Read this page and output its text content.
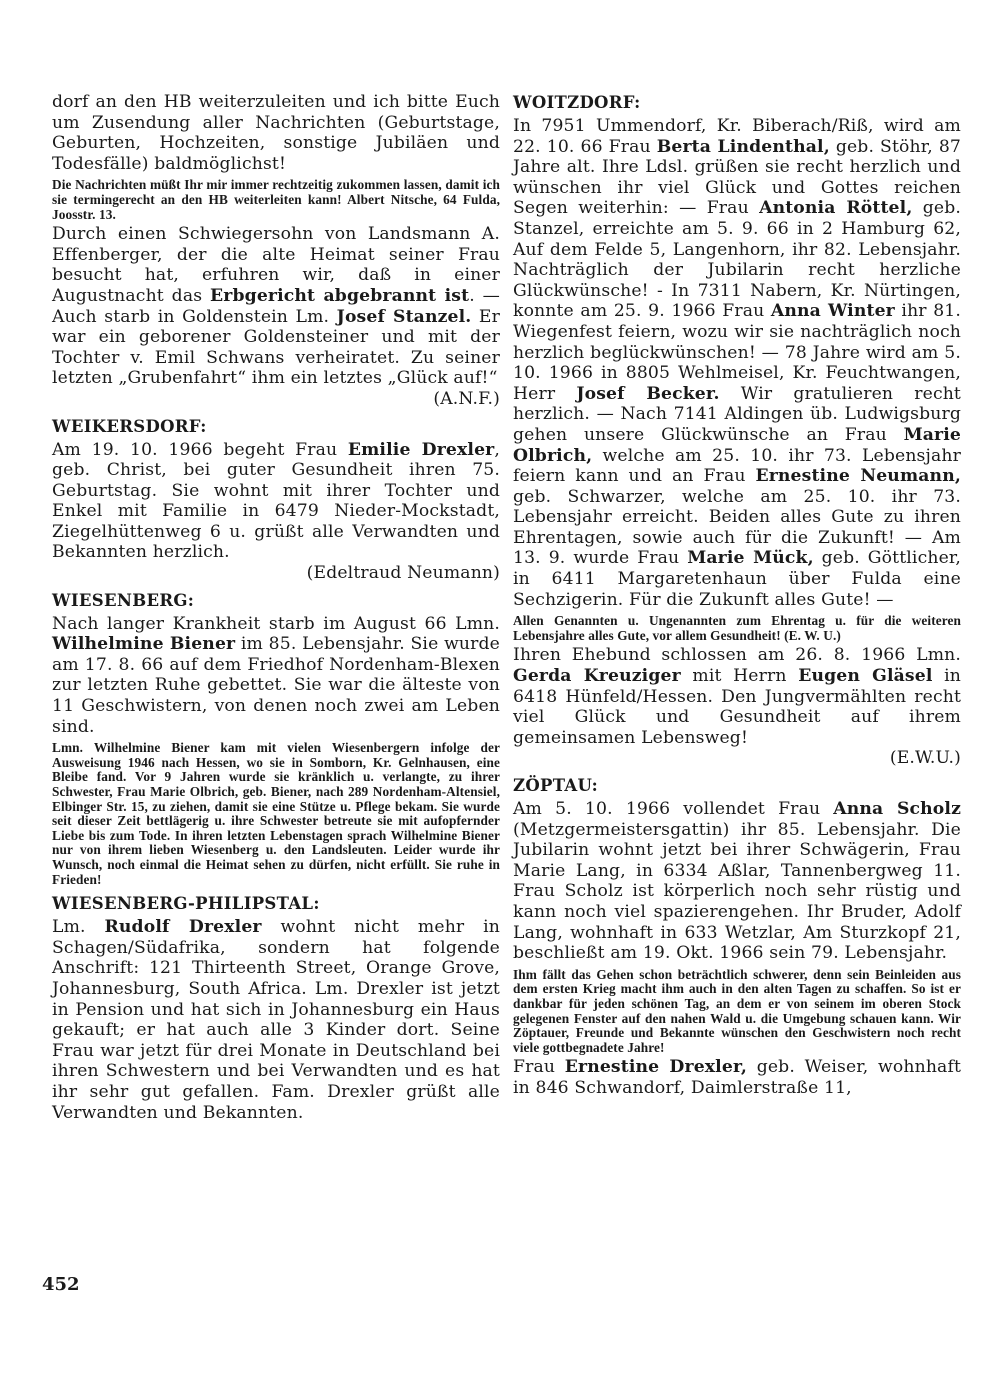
dorf an den HB weiterzuleiten und ich bitte Euch um Zusendung aller Nachrichten (Geburtstage, Geburten, Hochzeiten, sonstige Jubiläen und Todesfälle) baldmöglichst!

Die Nachrichten müßt Ihr mir immer rechtzeitig zukommen lassen, damit ich sie termingerecht an den HB weiterleiten kann! Albert Nitsche, 64 Fulda, Joosstr. 13.

Durch einen Schwiegersohn von Landsmann A. Effenberger, der die alte Heimat seiner Frau besucht hat, erfuhren wir, daß in einer Augustnacht das Erbgericht abgebrannt ist. — Auch starb in Goldenstein Lm. Josef Stanzel. Er war ein geborener Goldensteiner und mit der Tochter v. Emil Schwans verheiratet. Zu seiner letzten „Grubenfahrt“ ihm ein letztes „Glück auf!“
(A.N.F.)

WEIKERSDORF:

Am 19. 10. 1966 begeht Frau Emilie Drexler, geb. Christ, bei guter Gesundheit ihren 75. Geburtstag. Sie wohnt mit ihrer Tochter und Enkel mit Familie in 6479 Nieder-Mockstadt, Ziegelhüttenweg 6 u. grüßt alle Verwandten und Bekannten herzlich.
(Edeltraud Neumann)

WIESENBERG:

Nach langer Krankheit starb im August 66 Lmn. Wilhelmine Biener im 85. Lebensjahr. Sie wurde am 17. 8. 66 auf dem Friedhof Nordenham-Blexen zur letzten Ruhe gebettet. Sie war die älteste von 11 Geschwistern, von denen noch zwei am Leben sind.

Lmn. Wilhelmine Biener kam mit vielen Wiesenbergern infolge der Ausweisung 1946 nach Hessen, wo sie in Somborn, Kr. Gelnhausen, eine Bleibe fand. Vor 9 Jahren wurde sie kränklich u. verlangte, zu ihrer Schwester, Frau Marie Olbrich, geb. Biener, nach 289 Nordenham-Altensiel, Elbinger Str. 15, zu ziehen, damit sie eine Stütze u. Pflege bekam. Sie wurde seit dieser Zeit bettlägerig u. ihre Schwester betreute sie mit aufopfernder Liebe bis zum Tode. In ihren letzten Lebenstagen sprach Wilhelmine Biener nur von ihrem lieben Wiesenberg u. den Landsleuten. Leider wurde ihr Wunsch, noch einmal die Heimat sehen zu dürfen, nicht erfüllt. Sie ruhe in Frieden!

WIESENBERG-PHILIPSTAL:

Lm. Rudolf Drexler wohnt nicht mehr in Schagen/Südafrika, sondern hat folgende Anschrift: 121 Thirteenth Street, Orange Grove, Johannesburg, South Africa. Lm. Drexler ist jetzt in Pension und hat sich in Johannesburg ein Haus gekauft; er hat auch alle 3 Kinder dort. Seine Frau war jetzt für drei Monate in Deutschland bei ihren Schwestern und bei Verwandten und es hat ihr sehr gut gefallen. Fam. Drexler grüßt alle Verwandten und Bekannten.

WOITZDORF:

In 7951 Ummendorf, Kr. Biberach/Riß, wird am 22. 10. 66 Frau Berta Lindenthal, geb. Stöhr, 87 Jahre alt. Ihre Ldsl. grüßen sie recht herzlich und wünschen ihr viel Glück und Gottes reichen Segen weiterhin: — Frau Antonia Röttel, geb. Stanzel, erreichte am 5. 9. 66 in 2 Hamburg 62, Auf dem Felde 5, Langenhorn, ihr 82. Lebensjahr. Nachträglich der Jubilarin recht herzliche Glückwünsche! - In 7311 Nabern, Kr. Nürtingen, konnte am 25. 9. 1966 Frau Anna Winter ihr 81. Wiegenfest feiern, wozu wir sie nachträglich noch herzlich beglückwünschen! — 78 Jahre wird am 5. 10. 1966 in 8805 Wehlmeisel, Kr. Feuchtwangen, Herr Josef Becker. Wir gratulieren recht herzlich. — Nach 7141 Aldingen üb. Ludwigsburg gehen unsere Glückwünsche an Frau Marie Olbrich, welche am 25. 10. ihr 73. Lebensjahr feiern kann und an Frau Ernestine Neumann, geb. Schwarzer, welche am 25. 10. ihr 73. Lebensjahr erreicht. Beiden alles Gute zu ihren Ehrentagen, sowie auch für die Zukunft! — Am 13. 9. wurde Frau Marie Mück, geb. Göttlicher, in 6411 Margaretenhaun über Fulda eine Sechzigerin. Für die Zukunft alles Gute! —

Allen Genannten u. Ungenannten zum Ehrentag u. für die weiteren Lebensjahre alles Gute, vor allem Gesundheit! (E. W. U.)

Ihren Ehebund schlossen am 26. 8. 1966 Lmn. Gerda Kreuziger mit Herrn Eugen Gläsel in 6418 Hünfeld/Hessen. Den Jungvermählten recht viel Glück und Gesundheit auf ihrem gemeinsamen Lebensweg!
(E.W.U.)

ZÖPTAU:

Am 5. 10. 1966 vollendet Frau Anna Scholz (Metzgermeistersgattin) ihr 85. Lebensjahr. Die Jubilarin wohnt jetzt bei ihrer Schwägerin, Frau Marie Lang, in 6334 Aßlar, Tannenbergweg 11. Frau Scholz ist körperlich noch sehr rüstig und kann noch viel spazierengehen. Ihr Bruder, Adolf Lang, wohnhaft in 633 Wetzlar, Am Sturzkopf 21, beschließt am 19. Okt. 1966 sein 79. Lebensjahr.

Ihm fällt das Gehen schon beträchtlich schwerer, denn sein Beinleiden aus dem ersten Krieg macht ihm auch in den alten Tagen zu schaffen. So ist er dankbar für jeden schönen Tag, an dem er von seinem im oberen Stock gelegenen Fenster auf den nahen Wald u. die Umgebung schauen kann. Wir Zöptauer, Freunde und Bekannte wünschen den Geschwistern noch recht viele gottbegnadete Jahre!

Frau Ernestine Drexler, geb. Weiser, wohnhaft in 846 Schwandorf, Daimlerstraße 11,

452
